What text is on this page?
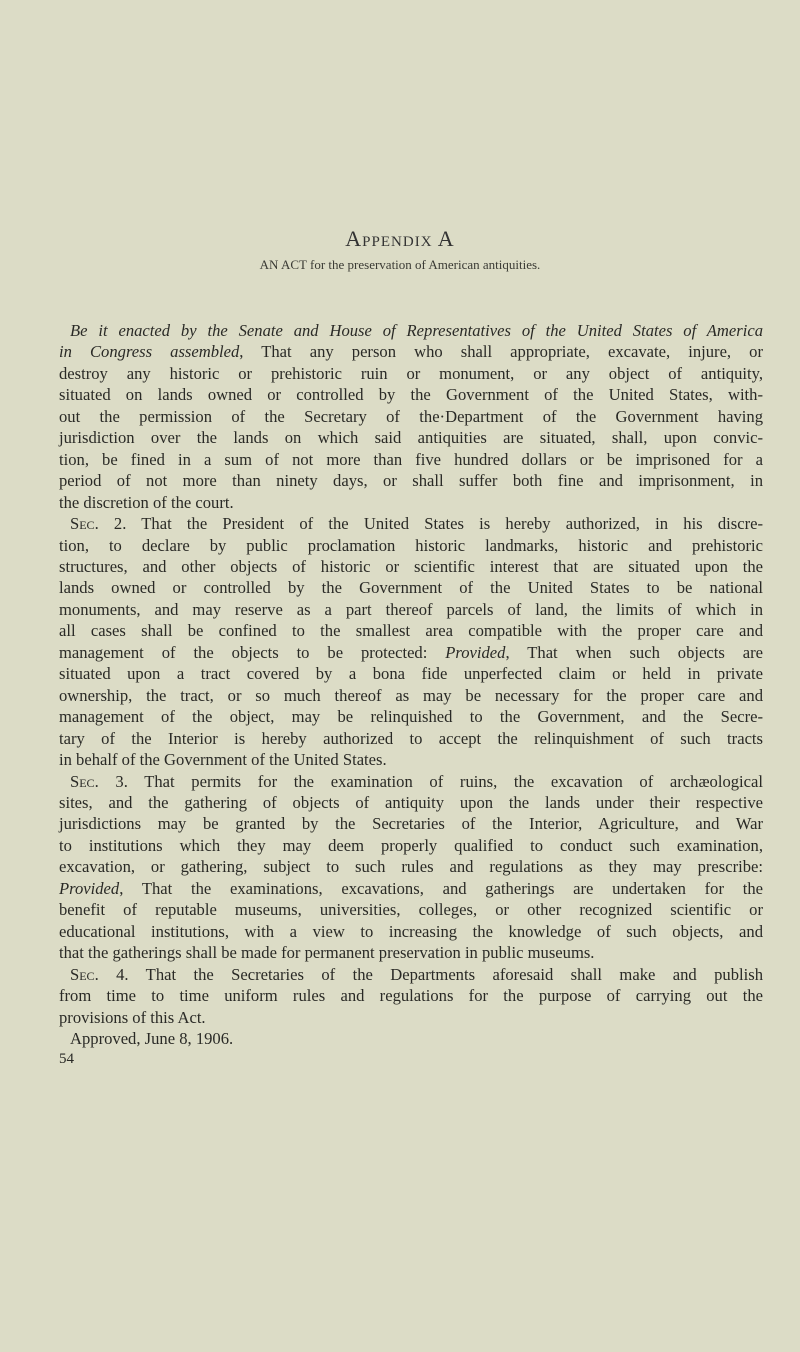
Appendix A
AN ACT for the preservation of American antiquities.
Be it enacted by the Senate and House of Representatives of the United States of America
in Congress assembled, That any person who shall appropriate, excavate, injure, or
destroy any historic or prehistoric ruin or monument, or any object of antiquity,
situated on lands owned or controlled by the Government of the United States, with-
out the permission of the Secretary of the·Department of the Government having
jurisdiction over the lands on which said antiquities are situated, shall, upon convic-
tion, be fined in a sum of not more than five hundred dollars or be imprisoned for a
period of not more than ninety days, or shall suffer both fine and imprisonment, in
the discretion of the court.
Sec. 2. That the President of the United States is hereby authorized, in his discre-
tion, to declare by public proclamation historic landmarks, historic and prehistoric
structures, and other objects of historic or scientific interest that are situated upon the
lands owned or controlled by the Government of the United States to be national
monuments, and may reserve as a part thereof parcels of land, the limits of which in
all cases shall be confined to the smallest area compatible with the proper care and
management of the objects to be protected: Provided, That when such objects are
situated upon a tract covered by a bona fide unperfected claim or held in private
ownership, the tract, or so much thereof as may be necessary for the proper care and
management of the object, may be relinquished to the Government, and the Secre-
tary of the Interior is hereby authorized to accept the relinquishment of such tracts
in behalf of the Government of the United States.
Sec. 3. That permits for the examination of ruins, the excavation of archæological
sites, and the gathering of objects of antiquity upon the lands under their respective
jurisdictions may be granted by the Secretaries of the Interior, Agriculture, and War
to institutions which they may deem properly qualified to conduct such examination,
excavation, or gathering, subject to such rules and regulations as they may prescribe:
Provided, That the examinations, excavations, and gatherings are undertaken for the
benefit of reputable museums, universities, colleges, or other recognized scientific or
educational institutions, with a view to increasing the knowledge of such objects, and
that the gatherings shall be made for permanent preservation in public museums.
Sec. 4. That the Secretaries of the Departments aforesaid shall make and publish
from time to time uniform rules and regulations for the purpose of carrying out the
provisions of this Act.
Approved, June 8, 1906.
54
